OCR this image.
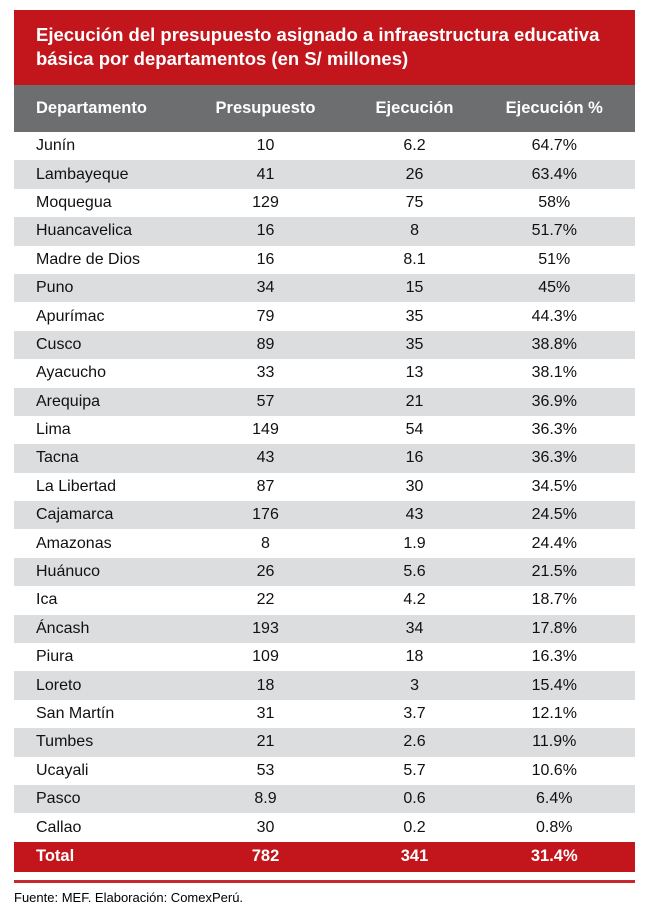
Ejecución del presupuesto asignado a infraestructura educativa
básica por departamentos (en S/ millones)
Departamento	Presupuesto	Ejecución	Ejecución %
Junín	10	6.2	64.7%
Lambayeque	41	26	63.4%
Moquegua	129	75	58%
Huancavelica	16	8	51.7%
Madre de Dios	16	8.1	51%
Puno	34	15	45%
Apurímac	79	35	44.3%
Cusco	89	35	38.8%
Ayacucho	33	13	38.1%
Arequipa	57	21	36.9%
Lima	149	54	36.3%
Tacna	43	16	36.3%
La Libertad	87	30	34.5%
Cajamarca	176	43	24.5%
Amazonas	8	1.9	24.4%
Huánuco	26	5.6	21.5%
Ica	22	4.2	18.7%
Áncash	193	34	17.8%
Piura	109	18	16.3%
Loreto	18	3	15.4%
San Martín	31	3.7	12.1%
Tumbes	21	2.6	11.9%
Ucayali	53	5.7	10.6%
Pasco	8.9	0.6	6.4%
Callao	30	0.2	0.8%
Total	782	341	31.4%
Fuente: MEF. Elaboración: ComexPerú.
